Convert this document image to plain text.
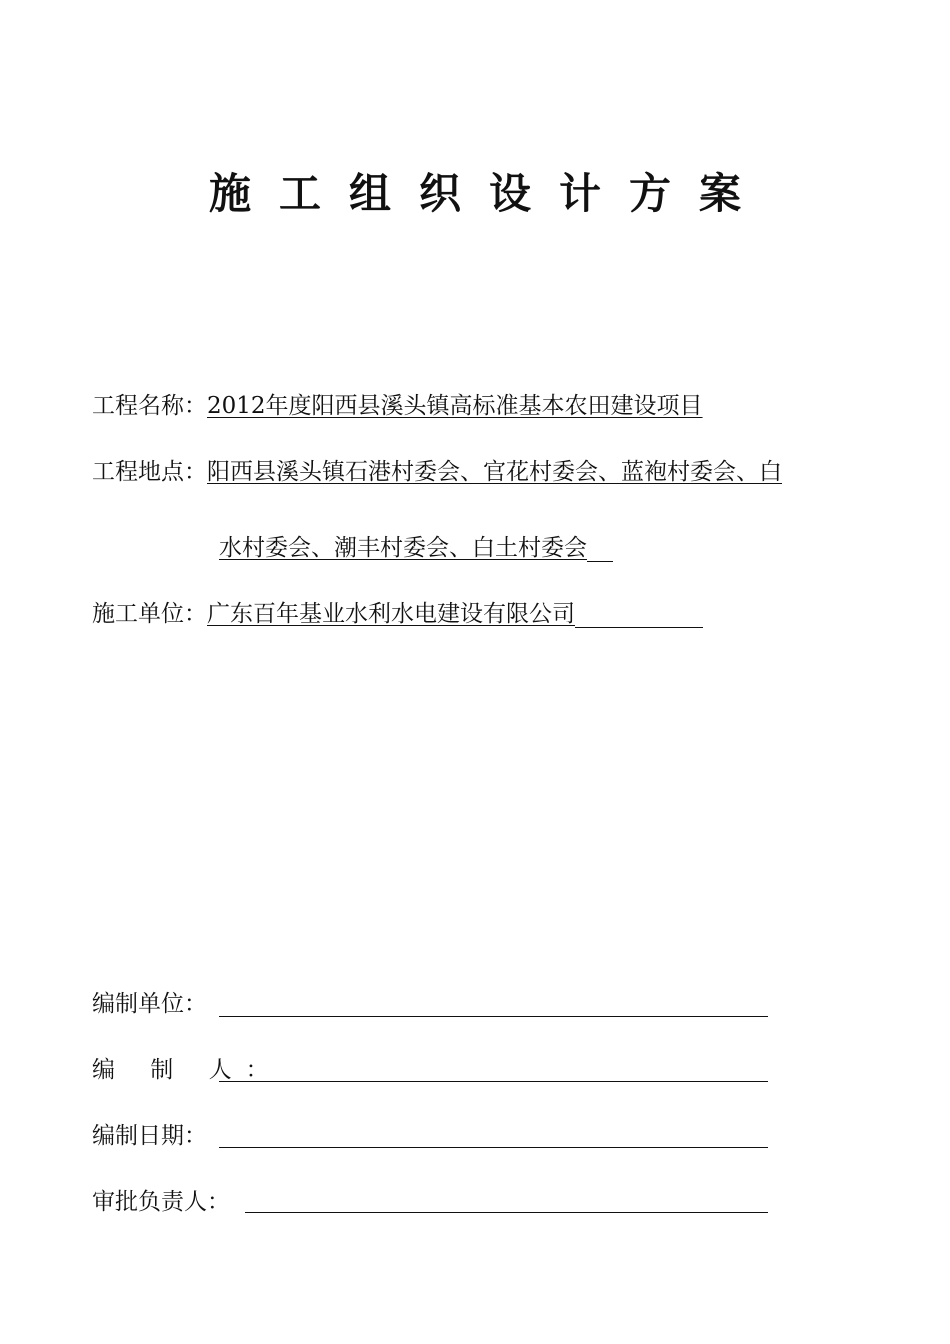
施工组织设计方案
工程名称：2012年度阳西县溪头镇高标准基本农田建设项目
工程地点：阳西县溪头镇石港村委会、官花村委会、蓝袍村委会、白
水村委会、潮丰村委会、白土村委会
施工单位：广东百年基业水利水电建设有限公司
编制单位：
编 制 人：
编制日期：
审批负责人：
